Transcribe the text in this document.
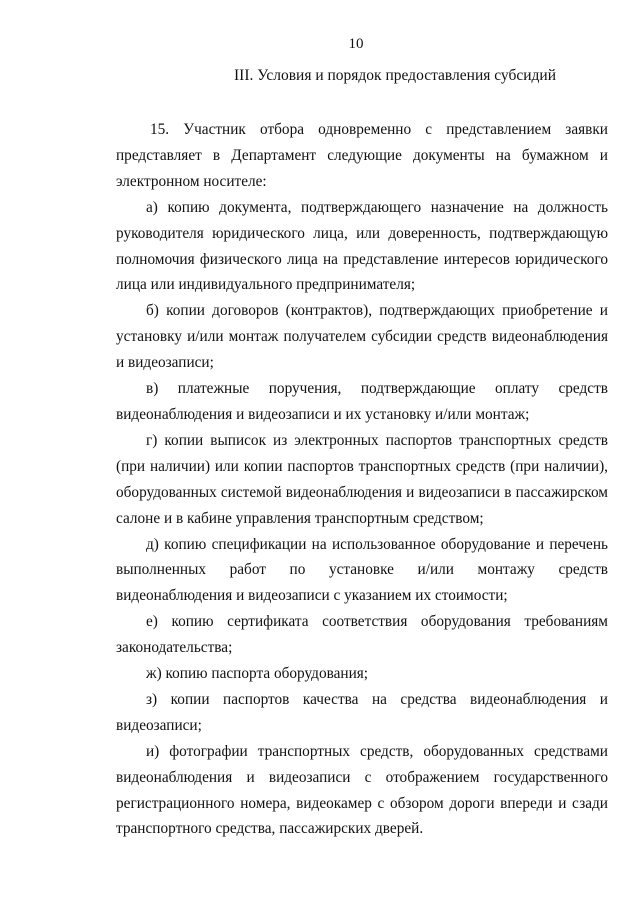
10
III. Условия и порядок предоставления субсидий

15. Участник отбора одновременно с представлением заявки представляет в Департамент следующие документы на бумажном и электронном носителе:

а) копию документа, подтверждающего назначение на должность руководителя юридического лица, или доверенность, подтверждающую полномочия физического лица на представление интересов юридического лица или индивидуального предпринимателя;

б) копии договоров (контрактов), подтверждающих приобретение и установку и/или монтаж получателем субсидии средств видеонаблюдения и видеозаписи;

в) платежные поручения, подтверждающие оплату средств видеонаблюдения и видеозаписи и их установку и/или монтаж;

г) копии выписок из электронных паспортов транспортных средств (при наличии) или копии паспортов транспортных средств (при наличии), оборудованных системой видеонаблюдения и видеозаписи в пассажирском салоне и в кабине управления транспортным средством;

д) копию спецификации на использованное оборудование и перечень выполненных работ по установке и/или монтажу средств видеонаблюдения и видеозаписи с указанием их стоимости;

е) копию сертификата соответствия оборудования требованиям законодательства;

ж) копию паспорта оборудования;

з) копии паспортов качества на средства видеонаблюдения и видеозаписи;

и) фотографии транспортных средств, оборудованных средствами видеонаблюдения и видеозаписи с отображением государственного регистрационного номера, видеокамер с обзором дороги впереди и сзади транспортного средства, пассажирских дверей.
